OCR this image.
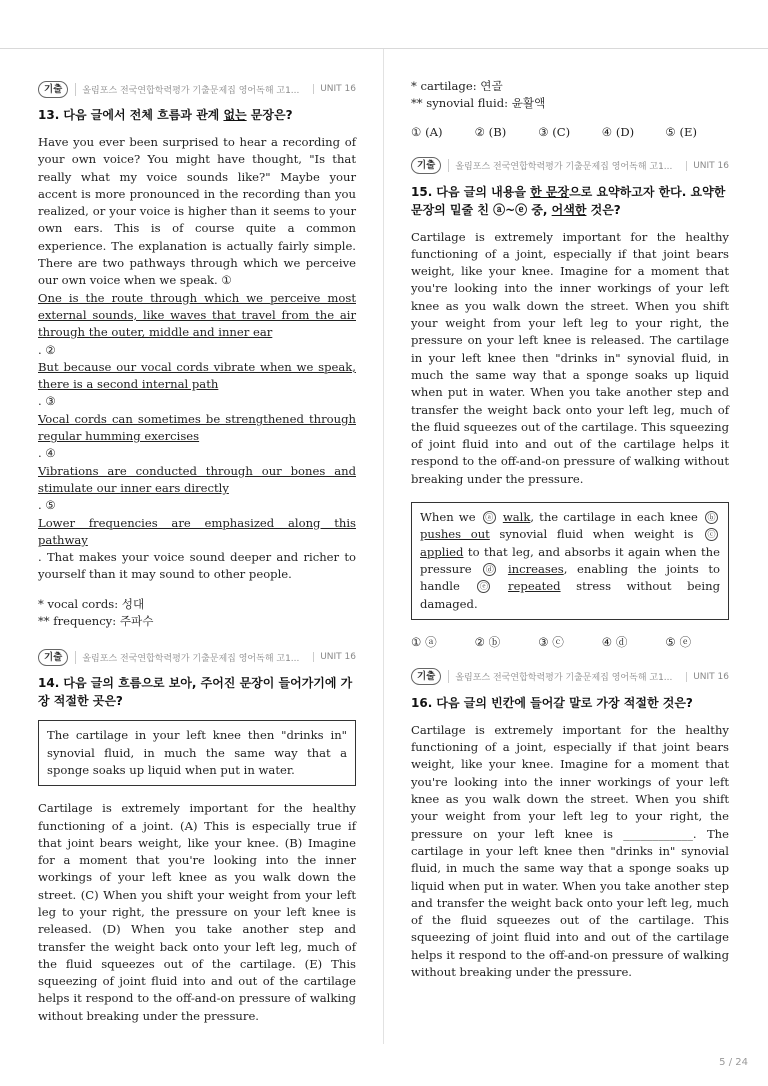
기출	올림포스 전국연합학력평가 기출문제집 영어독해 고1...	UNIT 16
13. 다음 글에서 전체 흐름과 관계 없는 문장은?

Have you ever been surprised to hear a recording of your own voice? You might have thought, "Is that really what my voice sounds like?" Maybe your accent is more pronounced in the recording than you realized, or your voice is higher than it seems to your own ears. This is of course quite a common experience. The explanation is actually fairly simple. There are two pathways through which we perceive our own voice when we speak. ①
One is the route through which we perceive most external sounds, like waves that travel from the air through the outer, middle and inner ear
. ②
But because our vocal cords vibrate when we speak, there is a second internal path
. ③
Vocal cords can sometimes be strengthened through regular humming exercises
. ④
Vibrations are conducted through our bones and stimulate our inner ears directly
. ⑤
Lower frequencies are emphasized along this pathway
. That makes your voice sound deeper and richer to yourself than it may sound to other people.

* vocal cords: 성대
** frequency: 주파수
기출	올림포스 전국연합학력평가 기출문제집 영어독해 고1...	UNIT 16
14. 다음 글의 흐름으로 보아, 주어진 문장이 들어가기에 가장 적절한 곳은?
The cartilage in your left knee then "drinks in" synovial fluid, in much the same way that a sponge soaks up liquid when put in water.

Cartilage is extremely important for the healthy functioning of a joint. (A) This is especially true if that joint bears weight, like your knee. (B) Imagine for a moment that you're looking into the inner workings of your left knee as you walk down the street. (C) When you shift your weight from your left leg to your right, the pressure on your left knee is released. (D) When you take another step and transfer the weight back onto your left leg, much of the fluid squeezes out of the cartilage. (E) This squeezing of joint fluid into and out of the cartilage helps it respond to the off-and-on pressure of walking without breaking under the pressure.

* cartilage: 연골
** synovial fluid: 윤활액
① (A)	② (B)	③ (C)	④ (D)	⑤ (E)
기출	올림포스 전국연합학력평가 기출문제집 영어독해 고1...	UNIT 16
15. 다음 글의 내용을 한 문장으로 요약하고자 한다. 요약한 문장의 밑줄 친 ⓐ~ⓔ 중, 어색한 것은?

Cartilage is extremely important for the healthy functioning of a joint, especially if that joint bears weight, like your knee. Imagine for a moment that you're looking into the inner workings of your left knee as you walk down the street. When you shift your weight from your left leg to your right, the pressure on your left knee is released. The cartilage in your left knee then "drinks in" synovial fluid, in much the same way that a sponge soaks up liquid when put in water. When you take another step and transfer the weight back onto your left leg, much of the fluid squeezes out of the cartilage. This squeezing of joint fluid into and out of the cartilage helps it respond to the off-and-on pressure of walking without breaking under the pressure.

When we ⓐ walk, the cartilage in each knee ⓑ pushes out synovial fluid when weight is ⓒ applied to that leg, and absorbs it again when the pressure ⓓ increases, enabling the joints to handle ⓔ repeated stress without being damaged.
① ⓐ	② ⓑ	③ ⓒ	④ ⓓ	⑤ ⓔ
기출	올림포스 전국연합학력평가 기출문제집 영어독해 고1...	UNIT 16
16. 다음 글의 빈칸에 들어갈 말로 가장 적절한 것은?

Cartilage is extremely important for the healthy functioning of a joint, especially if that joint bears weight, like your knee. Imagine for a moment that you're looking into the inner workings of your left knee as you walk down the street. When you shift your weight from your left leg to your right, the pressure on your left knee is ____________. The cartilage in your left knee then "drinks in" synovial fluid, in much the same way that a sponge soaks up liquid when put in water. When you take another step and transfer the weight back onto your left leg, much of the fluid squeezes out of the cartilage. This squeezing of joint fluid into and out of the cartilage helps it respond to the off-and-on pressure of walking without breaking under the pressure.

5 / 24
